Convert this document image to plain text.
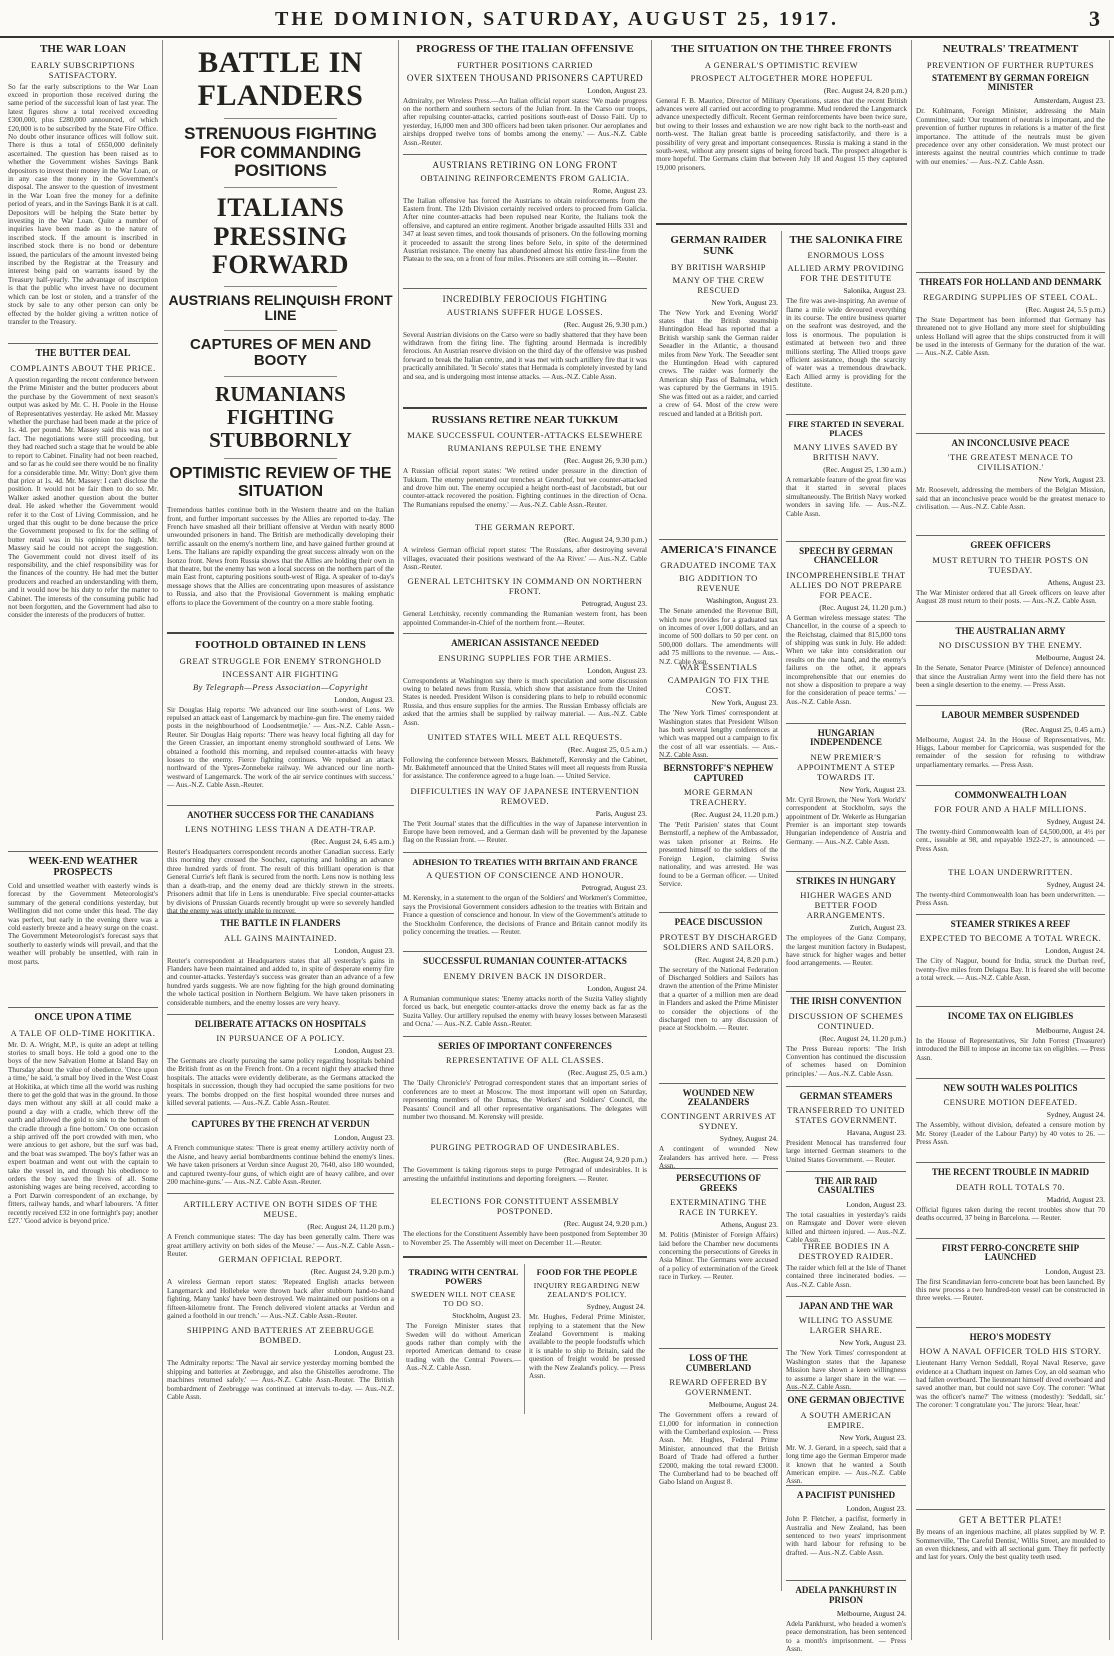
THE DOMINION, SATURDAY, AUGUST 25, 1917.	3
THE WAR LOAN
EARLY SUBSCRIPTIONS SATISFACTORY.
So far the early subscriptions to the War Loan exceed in proportion those received during the same period of the successful loan of last year. The latest figures show a total received exceeding £300,000, plus £280,000 announced, of which £20,000 is to be subscribed by the State Fire Office. No doubt other insurance offices will follow suit. There is thus a total of £650,000 definitely ascertained. The question has been raised as to whether the Government wishes Savings Bank depositors to invest their money in the War Loan, or in any case the money in the Government's disposal. The answer to the question of investment in the War Loan free the money for a definite period of years, and in the Savings Bank it is at call. Depositors will be helping the State better by investing in the War Loan. Quite a number of inquiries have been made as to the nature of inscribed stock. If the amount is inscribed in inscribed stock there is no bond or debenture issued, the particulars of the amount invested being inscribed by the Registrar at the Treasury and interest being paid on warrants issued by the Treasury half-yearly. The advantage of inscription is that the public who invest have no document which can be lost or stolen, and a transfer of the stock by sale to any other person can only be effected by the holder giving a written notice of transfer to the Treasury.
THE BUTTER DEAL
COMPLAINTS ABOUT THE PRICE.
A question regarding the recent conference between the Prime Minister and the butter producers about the purchase by the Government of next season's output was asked by Mr. C. H. Poole in the House of Representatives yesterday. He asked Mr. Massey whether the purchase had been made at the price of 1s. 4d. per pound. Mr. Massey said this was not a fact. The negotiations were still proceeding, but they had reached such a stage that he would be able to report to Cabinet. Finality had not been reached, and so far as he could see there would be no finality for a considerable time. Mr. Witty: Don't give them that price at 1s. 4d. Mr. Massey: I can't disclose the position. It would not be fair then to do so. Mr. Walker asked another question about the butter deal. He asked whether the Government would refer it to the Cost of Living Commission, and he urged that this ought to be done because the price the Government proposed to fix for the selling of butter retail was in his opinion too high. Mr. Massey said he could not accept the suggestion. The Government could not divest itself of its responsibility, and the chief responsibility was for the finances of the country. He had met the butter producers and reached an understanding with them, and it would now be his duty to refer the matter to Cabinet. The interests of the consuming public had not been forgotten, and the Government had also to consider the interests of the producers of butter.
WEEK-END WEATHER PROSPECTS
Cold and unsettled weather with easterly winds is forecast by the Government Meteorologist's summary of the general conditions yesterday, but Wellington did not come under this head. The day was perfect, but early in the evening there was a cold easterly breeze and a heavy surge on the coast. The Government Meteorologist's forecast says that southerly to easterly winds will prevail, and that the weather will probably be unsettled, with rain in most parts.
ONCE UPON A TIME
A TALE OF OLD-TIME HOKITIKA.
Mr. D. A. Wright, M.P., is quite an adept at telling stories to small boys. He told a good one to the boys of the new Salvation Home at Island Bay on Thursday about the value of obedience. 'Once upon a time,' he said, 'a small boy lived in the West Coast at Hokitika, at which time all the world was rushing there to get the gold that was in the ground. In those days men without any skill at all could make a pound a day with a cradle, which threw off the earth and allowed the gold to sink to the bottom of the cradle through a fine bottom.' On one occasion a ship arrived off the port crowded with men, who were anxious to get ashore, but the surf was bad, and the boat was swamped. The boy's father was an expert boatman and went out with the captain to take the vessel in, and through his obedience to orders the boy saved the lives of all. Some astonishing wages are being received, according to a Port Darwin correspondent of an exchange, by fitters, railway hands, and wharf labourers. 'A fitter recently received £32 in one fortnight's pay; another £27.' 'Good advice is beyond price.'
BATTLE IN FLANDERS
STRENUOUS FIGHTING FOR COMMANDING POSITIONS
ITALIANS PRESSING FORWARD
AUSTRIANS RELINQUISH FRONT LINE
CAPTURES OF MEN AND BOOTY
RUMANIANS FIGHTING STUBBORNLY
OPTIMISTIC REVIEW OF THE SITUATION
Tremendous battles continue both in the Western theatre and on the Italian front, and further important successes by the Allies are reported to-day. The French have smashed all their brilliant offensive at Verdun with nearly 8000 unwounded prisoners in hand. The British are methodically developing their terrific assault on the enemy's northern line, and have gained further ground at Lens. The Italians are rapidly expanding the great success already won on the Isonzo front. News from Russia shows that the Allies are holding their own in that theatre, but the enemy has won a local success on the northern part of the main East front, capturing positions south-west of Riga. A speaker of to-day's message shows that the Allies are concentrating upon measures of assistance to Russia, and also that the Provisional Government is making emphatic efforts to place the Government of the country on a more stable footing.
FOOTHOLD OBTAINED IN LENS
GREAT STRUGGLE FOR ENEMY STRONGHOLD
INCESSANT AIR FIGHTING
By Telegraph—Press Association—Copyright
London, August 23.
Sir Douglas Haig reports: 'We advanced our line south-west of Lens. We repulsed an attack east of Langemarck by machine-gun fire. The enemy raided posts in the neighbourhood of Loodsentmetjie.' — Aus.-N.Z. Cable Assn.-Reuter. Sir Douglas Haig reports: 'There was heavy local fighting all day for the Green Crassier, an important enemy stronghold southward of Lens. We obtained a foothold this morning, and repulsed counter-attacks with heavy losses to the enemy. Fierce fighting continues. We repulsed an attack northward of the Ypres-Zonnebeke railway. We advanced our line north-westward of Langemarck. The work of the air service continues with success.' — Aus.-N.Z. Cable Assn.-Reuter.
ANOTHER SUCCESS FOR THE CANADIANS
LENS NOTHING LESS THAN A DEATH-TRAP.
(Rec. August 24, 6.45 a.m.)
Reuter's Headquarters correspondent records another Canadian success. Early this morning they crossed the Souchez, capturing and holding an advance three hundred yards of front. The result of this brilliant operation is that General Currie's left flank is secured from the north. Lens now is nothing less than a death-trap, and the enemy dead are thickly strewn in the streets. Prisoners admit that life in Lens is unendurable. Five special counter-attacks by divisions of Prussian Guards recently brought up were so severely handled that the enemy was utterly unable to recover.
THE BATTLE IN FLANDERS
ALL GAINS MAINTAINED.
London, August 23.
Reuter's correspondent at Headquarters states that all yesterday's gains in Flanders have been maintained and added to, in spite of desperate enemy fire and counter-attacks. Yesterday's success was greater than an advance of a few hundred yards suggests. We are now fighting for the high ground dominating the whole tactical position in Northern Belgium. We have taken prisoners in considerable numbers, and the enemy losses are very heavy.
DELIBERATE ATTACKS ON HOSPITALS
IN PURSUANCE OF A POLICY.
London, August 23.
The Germans are clearly pursuing the same policy regarding hospitals behind the British front as on the French front. On a recent night they attacked three hospitals. The attacks were evidently deliberate, as the Germans attacked the hospitals in succession, though they had occupied the same positions for two years. The bombs dropped on the first hospital wounded three nurses and killed several patients. — Aus.-N.Z. Cable Assn.-Reuter.
CAPTURES BY THE FRENCH AT VERDUN
London, August 23.
A French communique states: 'There is great enemy artillery activity north of the Aisne, and heavy aerial bombardments continue behind the enemy's lines. We have taken prisoners at Verdun since August 20, 7640, also 180 wounded, and captured twenty-four guns, of which eight are of heavy calibre, and over 200 machine-guns.' — Aus.-N.Z. Cable Assn.-Reuter.
ARTILLERY ACTIVE ON BOTH SIDES OF THE MEUSE.
(Rec. August 24, 11.20 p.m.)
A French communique states: 'The day has been generally calm. There was great artillery activity on both sides of the Meuse.' — Aus.-N.Z. Cable Assn.-Reuter.
GERMAN OFFICIAL REPORT.
(Rec. August 24, 9.20 p.m.)
A wireless German report states: 'Repeated English attacks between Langemarck and Hollebeke were thrown back after stubborn hand-to-hand fighting. Many 'tanks' have been destroyed. We maintained our positions on a fifteen-kilometre front. The French delivered violent attacks at Verdun and gained a foothold in our trench.' — Aus.-N.Z. Cable Assn.-Reuter.
SHIPPING AND BATTERIES AT ZEEBRUGGE BOMBED.
London, August 23.
The Admiralty reports: 'The Naval air service yesterday morning bombed the shipping and batteries at Zeebrugge, and also the Ghistelles aerodrome. The machines returned safely.' — Aus.-N.Z. Cable Assn.-Reuter. The British bombardment of Zeebrugge was continued at intervals to-day. — Aus.-N.Z. Cable Assn.
PROGRESS OF THE ITALIAN OFFENSIVE
FURTHER POSITIONS CARRIED
OVER SIXTEEN THOUSAND PRISONERS CAPTURED
London, August 23.
Admiralty, per Wireless Press.—An Italian official report states: 'We made progress on the northern and southern sectors of the Julian front. In the Carso our troops, after repulsing counter-attacks, carried positions south-east of Dosso Faiti. Up to yesterday, 16,000 men and 300 officers had been taken prisoner. Our aeroplanes and airships dropped twelve tons of bombs among the enemy.' — Aus.-N.Z. Cable Assn.-Reuter.
AUSTRIANS RETIRING ON LONG FRONT
OBTAINING REINFORCEMENTS FROM GALICIA.
Rome, August 23.
The Italian offensive has forced the Austrians to obtain reinforcements from the Eastern front. The 12th Division certainly received orders to proceed from Galicia. After nine counter-attacks had been repulsed near Korite, the Italians took the offensive, and captured an entire regiment. Another brigade assaulted Hills 331 and 347 at least seven times, and took thousands of prisoners. On the following morning it proceeded to assault the strong lines before Selo, in spite of the determined Austrian resistance. The enemy has abandoned almost his entire first-line from the Plateau to the sea, on a front of four miles. Prisoners are still coming in.—Reuter.
INCREDIBLY FEROCIOUS FIGHTING
AUSTRIANS SUFFER HUGE LOSSES.
(Rec. August 26, 9.30 p.m.)
Several Austrian divisions on the Carso were so badly shattered that they have been withdrawn from the firing line. The fighting around Hermada is incredibly ferocious. An Austrian reserve division on the third day of the offensive was pushed forward to break the Italian centre, and it was met with such artillery fire that it was practically annihilated. 'It Secolo' states that Hermada is completely invested by land and sea, and is undergoing most intense attacks. — Aus.-N.Z. Cable Assn.
RUSSIANS RETIRE NEAR TUKKUM
MAKE SUCCESSFUL COUNTER-ATTACKS ELSEWHERE
RUMANIANS REPULSE THE ENEMY
(Rec. August 26, 9.30 p.m.)
A Russian official report states: 'We retired under pressure in the direction of Tukkum. The enemy penetrated our trenches at Grenzhof, but we counter-attacked and drove him out. The enemy occupied a height north-east of Jacobstadt, but our counter-attack recovered the position. Fighting continues in the direction of Ocna. The Rumanians repulsed the enemy.' — Aus.-N.Z. Cable Assn.-Reuter.
THE GERMAN REPORT.
(Rec. August 24, 9.30 p.m.)
A wireless German official report states: 'The Russians, after destroying several villages, evacuated their positions westward of the Aa River.' — Aus.-N.Z. Cable Assn.-Reuter.
GENERAL LETCHITSKY IN COMMAND ON NORTHERN FRONT.
Petrograd, August 23.
General Letchitsky, recently commanding the Rumanian western front, has been appointed Commander-in-Chief of the northern front.—Reuter.
AMERICAN ASSISTANCE NEEDED
ENSURING SUPPLIES FOR THE ARMIES.
London, August 23.
Correspondents at Washington say there is much speculation and some discussion owing to belated news from Russia, which show that assistance from the United States is needed. President Wilson is considering plans to help to rebuild economic Russia, and thus ensure supplies for the armies. The Russian Embassy officials are asked that the armies shall be supplied by railway material. — Aus.-N.Z. Cable Assn.
UNITED STATES WILL MEET ALL REQUESTS.
(Rec. August 25, 0.5 a.m.)
Following the conference between Messrs. Bakhmeteff, Kerensky and the Cabinet, Mr. Bakhmeteff announced that the United States will meet all requests from Russia for assistance. The conference agreed to a huge loan. — United Service.
DIFFICULTIES IN WAY OF JAPANESE INTERVENTION REMOVED.
Paris, August 23.
The 'Petit Journal' states that the difficulties in the way of Japanese intervention in Europe have been removed, and a German dash will be prevented by the Japanese flag on the Russian front. — Reuter.
ADHESION TO TREATIES WITH BRITAIN AND FRANCE
A QUESTION OF CONSCIENCE AND HONOUR.
Petrograd, August 23.
M. Kerensky, in a statement to the organ of the Soldiers' and Workmen's Committee, says the Provisional Government considers adhesion to the treaties with Britain and France a question of conscience and honour. In view of the Government's attitude to the Stockholm Conference, the decisions of France and Britain cannot modify its policy concerning the treaties. — Reuter.
SUCCESSFUL RUMANIAN COUNTER-ATTACKS
ENEMY DRIVEN BACK IN DISORDER.
London, August 24.
A Rumanian communique states: 'Enemy attacks north of the Suzita Valley slightly forced us back, but energetic counter-attacks drove the enemy back as far as the Suzita Valley. Our artillery repulsed the enemy with heavy losses between Marasesti and Ocna.' — Aus.-N.Z. Cable Assn.-Reuter.
SERIES OF IMPORTANT CONFERENCES
REPRESENTATIVE OF ALL CLASSES.
(Rec. August 25, 0.5 a.m.)
The 'Daily Chronicle's' Petrograd correspondent states that an important series of conferences are to meet at Moscow. The most important will open on Saturday, representing members of the Dumas, the Workers' and Soldiers' Council, the Peasants' Council and all other representative organisations. The delegates will number two thousand. M. Kerensky will preside.
PURGING PETROGRAD OF UNDESIRABLES.
(Rec. August 24, 9.20 p.m.)
The Government is taking rigorous steps to purge Petrograd of undesirables. It is arresting the unfaithful institutions and deporting foreigners. — Reuter.
ELECTIONS FOR CONSTITUENT ASSEMBLY POSTPONED.
(Rec. August 24, 9.20 p.m.)
The elections for the Constituent Assembly have been postponed from September 30 to November 25. The Assembly will meet on December 11.—Reuter.
TRADING WITH CENTRAL POWERS
SWEDEN WILL NOT CEASE TO DO SO.
Stockholm, August 23.
The Foreign Minister states that Sweden will do without American goods rather than comply with the reported American demand to cease trading with the Central Powers.—Aus.-N.Z. Cable Assn.
FOOD FOR THE PEOPLE
INQUIRY REGARDING NEW ZEALAND'S POLICY.
Sydney, August 24.
Mr. Hughes, Federal Prime Minister, replying to a statement that the New Zealand Government is making available to the people foodstuffs which it is unable to ship to Britain, said the question of freight would be pressed with the New Zealand's policy. — Press Assn.
THE SITUATION ON THE THREE FRONTS
A GENERAL'S OPTIMISTIC REVIEW
PROSPECT ALTOGETHER MORE HOPEFUL
(Rec. August 24, 8.20 p.m.)
General F. B. Maurice, Director of Military Operations, states that the recent British advances were all carried out according to programme. Mud rendered the Langemarck advance unexpectedly difficult. Recent German reinforcements have been twice sure, but owing to their losses and exhaustion we are now right back to the north-east and north-west. The Italian great battle is proceeding satisfactorily, and there is a possibility of very great and important consequences. Russia is making a stand in the south-west, without any present signs of being forced back. The prospect altogether is more hopeful. The Germans claim that between July 18 and August 15 they captured 19,000 prisoners.
GERMAN RAIDER SUNK
BY BRITISH WARSHIP
MANY OF THE CREW RESCUED
New York, August 23.
The 'New York and Evening World' states that the British steamship Huntingdon Head has reported that a British warship sank the German raider Seeadler in the Atlantic, a thousand miles from New York. The Seeadler sent the Huntingdon Head with captured crews. The raider was formerly the American ship Pass of Balmaha, which was captured by the Germans in 1915. She was fitted out as a raider, and carried a crew of 64. Most of the crew were rescued and landed at a British port.
AMERICA'S FINANCE
GRADUATED INCOME TAX
BIG ADDITION TO REVENUE
Washington, August 23.
The Senate amended the Revenue Bill, which now provides for a graduated tax on incomes of over 1,000 dollars, and an income of 500 dollars to 50 per cent. on 500,000 dollars. The amendments will add 75 millions to the revenue. — Aus.-N.Z. Cable Assn.
WAR ESSENTIALS
CAMPAIGN TO FIX THE COST.
New York, August 23.
The 'New York Times' correspondent at Washington states that President Wilson has both several lengthy conferences at which was mapped out a campaign to fix the cost of all war essentials. — Aus.-N.Z. Cable Assn.
BERNSTORFF'S NEPHEW CAPTURED
MORE GERMAN TREACHERY.
(Rec. August 24, 11.20 p.m.)
The 'Petit Parisien' states that Count Bernstorff, a nephew of the Ambassador, was taken prisoner at Reims. He presented himself to the soldiers of the Foreign Legion, claiming Swiss nationality, and was arrested. He was found to be a German officer. — United Service.
PEACE DISCUSSION
PROTEST BY DISCHARGED SOLDIERS AND SAILORS.
(Rec. August 24, 8.20 p.m.)
The secretary of the National Federation of Discharged Soldiers and Sailors has drawn the attention of the Prime Minister that a quarter of a million men are dead in Flanders and asked the Prime Minister to consider the objections of the discharged men to any discussion of peace at Stockholm. — Reuter.
WOUNDED NEW ZEALANDERS
CONTINGENT ARRIVES AT SYDNEY.
Sydney, August 24.
A contingent of wounded New Zealanders has arrived here. — Press Assn.
PERSECUTIONS OF GREEKS
EXTERMINATING THE RACE IN TURKEY.
Athens, August 23.
M. Politis (Minister of Foreign Affairs) laid before the Chamber new documents concerning the persecutions of Greeks in Asia Minor. The Germans were accused of a policy of extermination of the Greek race in Turkey. — Reuter.
LOSS OF THE CUMBERLAND
REWARD OFFERED BY GOVERNMENT.
Melbourne, August 24.
The Government offers a reward of £1,000 for information in connection with the Cumberland explosion. — Press Assn. Mr. Hughes, Federal Prime Minister, announced that the British Board of Trade had offered a further £2000, making the total reward £3000. The Cumberland had to be beached off Gabo Island on August 8.
THE SALONIKA FIRE
ENORMOUS LOSS
ALLIED ARMY PROVIDING FOR THE DESTITUTE
Salonika, August 23.
The fire was awe-inspiring. An avenue of flame a mile wide devoured everything in its course. The entire business quarter on the seafront was destroyed, and the loss is enormous. The population is estimated at between two and three millions sterling. The Allied troops gave efficient assistance, though the scarcity of water was a tremendous drawback. Each Allied army is providing for the destitute.
FIRE STARTED IN SEVERAL PLACES
MANY LIVES SAVED BY BRITISH NAVY.
(Rec. August 25, 1.30 a.m.)
A remarkable feature of the great fire was that it started in several places simultaneously. The British Navy worked wonders in saving life. — Aus.-N.Z. Cable Assn.
SPEECH BY GERMAN CHANCELLOR
INCOMPREHENSIBLE THAT ALLIES DO NOT PREPARE FOR PEACE.
(Rec. August 24, 11.20 p.m.)
A German wireless message states: 'The Chancellor, in the course of a speech to the Reichstag, claimed that 815,000 tons of shipping was sunk in July. He added: When we take into consideration our results on the one hand, and the enemy's failures on the other, it appears incomprehensible that our enemies do not show a disposition to prepare a way for the consideration of peace terms.' — Aus.-N.Z. Cable Assn.
HUNGARIAN INDEPENDENCE
NEW PREMIER'S APPOINTMENT A STEP TOWARDS IT.
New York, August 23.
Mr. Cyril Brown, the 'New York World's' correspondent at Stockholm, says the appointment of Dr. Wekerle as Hungarian Premier is an important step towards Hungarian independence of Austria and Germany. — Aus.-N.Z. Cable Assn.
STRIKES IN HUNGARY
HIGHER WAGES AND BETTER FOOD ARRANGEMENTS.
Zurich, August 23.
The employees of the Ganz Company, the largest munition factory in Budapest, have struck for higher wages and better food arrangements. — Reuter.
THE IRISH CONVENTION
DISCUSSION OF SCHEMES CONTINUED.
(Rec. August 24, 11.20 p.m.)
The Press Bureau reports: 'The Irish Convention has continued the discussion of schemes based on Dominion principles.' — Aus.-N.Z. Cable Assn.
GERMAN STEAMERS
TRANSFERRED TO UNITED STATES GOVERNMENT.
Havana, August 23.
President Menocal has transferred four large interned German steamers to the United States Government. — Reuter.
THE AIR RAID CASUALTIES
London, August 23.
The total casualties in yesterday's raids on Ramsgate and Dover were eleven killed and thirteen injured. — Aus.-N.Z. Cable Assn.
THREE BODIES IN A DESTROYED RAIDER.
The raider which fell at the Isle of Thanet contained three incinerated bodies. — Aus.-N.Z. Cable Assn.
JAPAN AND THE WAR
WILLING TO ASSUME LARGER SHARE.
New York, August 23.
The 'New York Times' correspondent at Washington states that the Japanese Mission have shown a keen willingness to assume a larger share in the war. — Aus.-N.Z. Cable Assn.
ONE GERMAN OBJECTIVE
A SOUTH AMERICAN EMPIRE.
New York, August 23.
Mr. W. J. Gerard, in a speech, said that a long time ago the German Emperor made it known that he wanted a South American empire. — Aus.-N.Z. Cable Assn.
A PACIFIST PUNISHED
London, August 23.
John P. Fletcher, a pacifist, formerly in Australia and New Zealand, has been sentenced to two years' imprisonment with hard labour for refusing to be drafted. — Aus.-N.Z. Cable Assn.
ADELA PANKHURST IN PRISON
Melbourne, August 24.
Adela Pankhurst, who headed a women's peace demonstration, has been sentenced to a month's imprisonment. — Press Assn.
NEUTRALS' TREATMENT
PREVENTION OF FURTHER RUPTURES
STATEMENT BY GERMAN FOREIGN MINISTER
Amsterdam, August 23.
Dr. Kuhlmann, Foreign Minister, addressing the Main Committee, said: 'Our treatment of neutrals is important, and the prevention of further ruptures in relations is a matter of the first importance. The attitude of the neutrals must be given precedence over any other consideration. We must protect our interests against the neutral countries which continue to trade with our enemies.' — Aus.-N.Z. Cable Assn.
THREATS FOR HOLLAND AND DENMARK
REGARDING SUPPLIES OF STEEL COAL.
(Rec. August 24, 5.5 p.m.)
The State Department has been informed that Germany has threatened not to give Holland any more steel for shipbuilding unless Holland will agree that the ships constructed from it will be used in the interests of Germany for the duration of the war. — Aus.-N.Z. Cable Assn.
AN INCONCLUSIVE PEACE
'THE GREATEST MENACE TO CIVILISATION.'
New York, August 23.
Mr. Roosevelt, addressing the members of the Belgian Mission, said that an inconclusive peace would be the greatest menace to civilisation. — Aus.-N.Z. Cable Assn.
GREEK OFFICERS
MUST RETURN TO THEIR POSTS ON TUESDAY.
Athens, August 23.
The War Minister ordered that all Greek officers on leave after August 28 must return to their posts. — Aus.-N.Z. Cable Assn.
THE AUSTRALIAN ARMY
NO DISCUSSION BY THE ENEMY.
Melbourne, August 24.
In the Senate, Senator Pearce (Minister of Defence) announced that since the Australian Army went into the field there has not been a single desertion to the enemy. — Press Assn.
LABOUR MEMBER SUSPENDED
(Rec. August 25, 0.45 a.m.)
Melbourne, August 24. In the House of Representatives, Mr. Higgs, Labour member for Capricornia, was suspended for the remainder of the session for refusing to withdraw unparliamentary remarks. — Press Assn.
COMMONWEALTH LOAN
FOR FOUR AND A HALF MILLIONS.
Sydney, August 24.
The twenty-third Commonwealth loan of £4,500,000, at 4½ per cent., issuable at 98, and repayable 1922-27, is announced. — Press Assn.
THE LOAN UNDERWRITTEN.
Sydney, August 24.
The twenty-third Commonwealth loan has been underwritten. — Press Assn.
STEAMER STRIKES A REEF
EXPECTED TO BECOME A TOTAL WRECK.
London, August 24.
The City of Nagpur, bound for India, struck the Durban reef, twenty-five miles from Delagoa Bay. It is feared she will become a total wreck. — Aus.-N.Z. Cable Assn.
INCOME TAX ON ELIGIBLES
Melbourne, August 24.
In the House of Representatives, Sir John Forrest (Treasurer) introduced the Bill to impose an income tax on eligibles. — Press Assn.
NEW SOUTH WALES POLITICS
CENSURE MOTION DEFEATED.
Sydney, August 24.
The Assembly, without division, defeated a censure motion by Mr. Storey (Leader of the Labour Party) by 40 votes to 26. — Press Assn.
THE RECENT TROUBLE IN MADRID
DEATH ROLL TOTALS 70.
Madrid, August 23.
Official figures taken during the recent troubles show that 70 deaths occurred, 37 being in Barcelona. — Reuter.
FIRST FERRO-CONCRETE SHIP LAUNCHED
London, August 23.
The first Scandinavian ferro-concrete boat has been launched. By this new process a two hundred-ton vessel can be constructed in three weeks. — Reuter.
HERO'S MODESTY
HOW A NAVAL OFFICER TOLD HIS STORY.
Lieutenant Harry Vernon Seddall, Royal Naval Reserve, gave evidence at a Chatham inquest on James Coy, an old seaman who had fallen overboard. The lieutenant himself dived overboard and saved another man, but could not save Coy. The coroner: 'What was the officer's name?' The witness (modestly): 'Seddall, sir.' The coroner: 'I congratulate you.' The jurors: 'Hear, hear.'
GET A BETTER PLATE!
By means of an ingenious machine, all plates supplied by W. P. Sommerville, 'The Careful Dentist,' Willis Street, are moulded to an even thickness, and with all sectional gum. They fit perfectly and last for years. Only the best quality teeth used.
